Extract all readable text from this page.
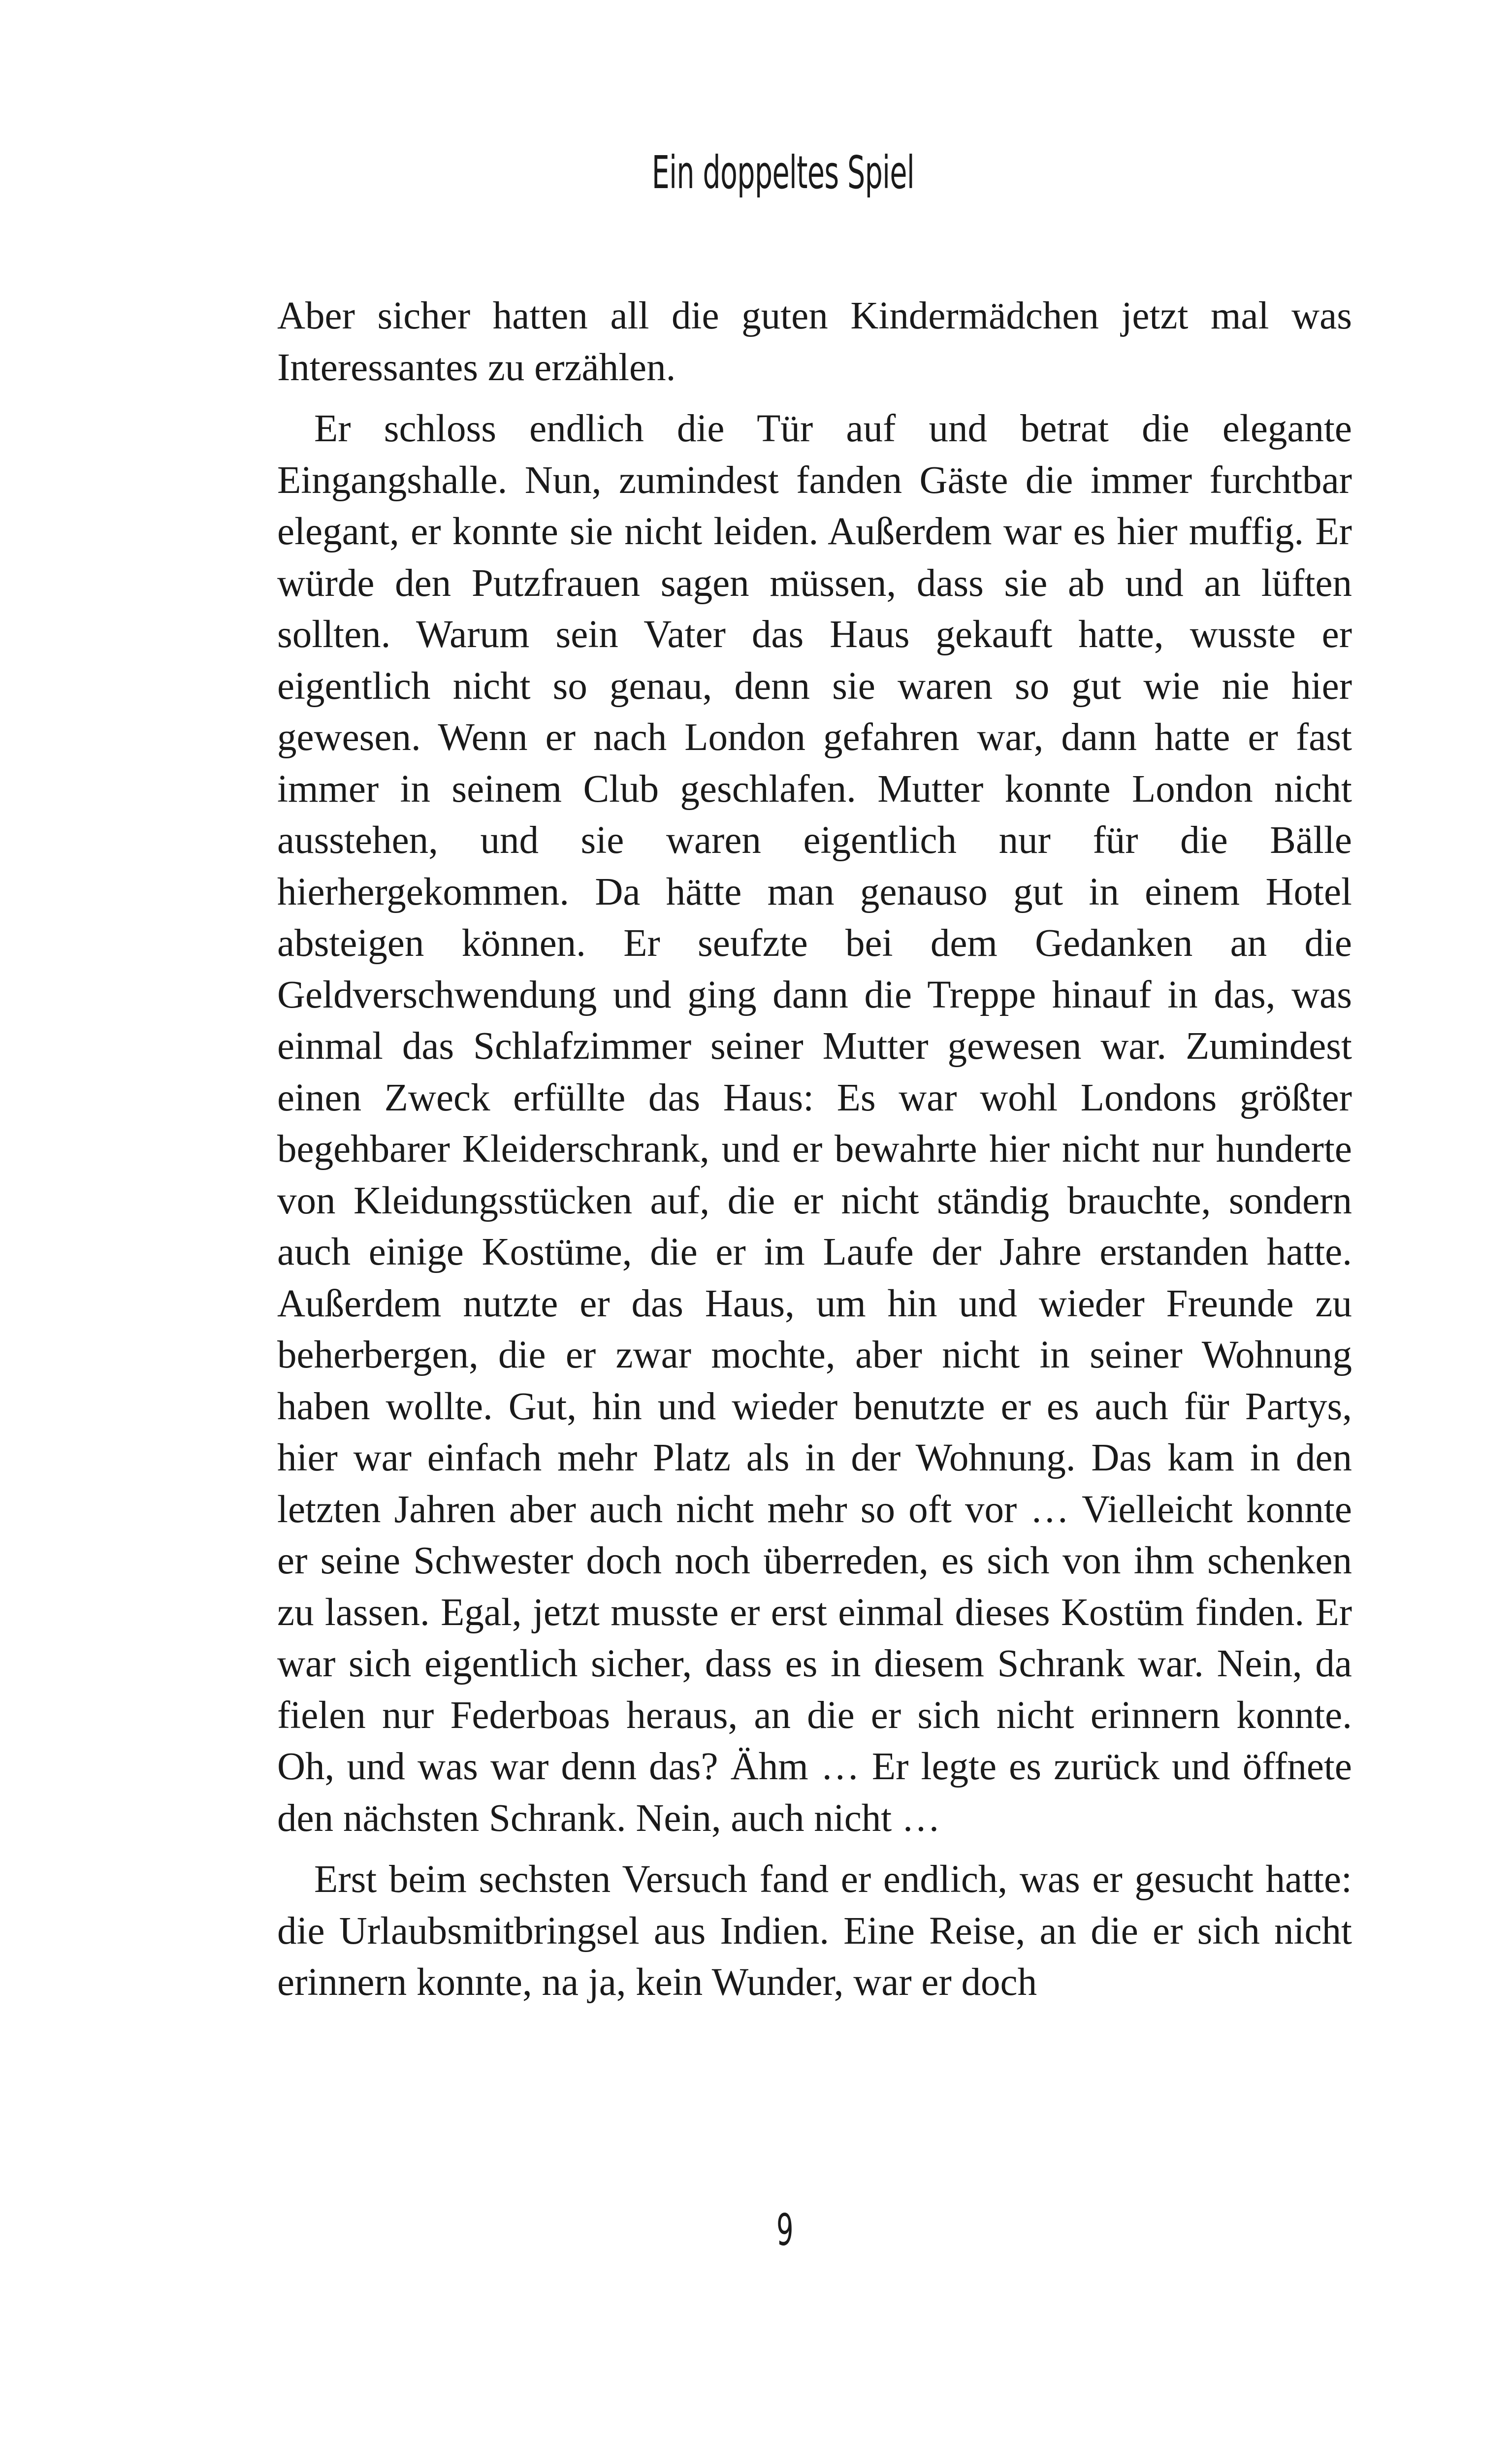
Ein doppeltes Spiel

Aber sicher hatten all die guten Kindermädchen jetzt mal was Interessantes zu erzählen.

Er schloss endlich die Tür auf und betrat die elegante Eingangshalle. Nun, zumindest fanden Gäste die immer furchtbar elegant, er konnte sie nicht leiden. Außerdem war es hier muffig. Er würde den Putzfrauen sagen müssen, dass sie ab und an lüften sollten. Warum sein Vater das Haus gekauft hatte, wusste er eigentlich nicht so genau, denn sie waren so gut wie nie hier gewesen. Wenn er nach London gefahren war, dann hatte er fast immer in seinem Club geschlafen. Mutter konnte London nicht ausstehen, und sie waren eigentlich nur für die Bälle hierhergekommen. Da hätte man genauso gut in einem Hotel absteigen können. Er seufzte bei dem Gedanken an die Geldverschwendung und ging dann die Treppe hinauf in das, was einmal das Schlafzimmer seiner Mutter gewesen war. Zumindest einen Zweck erfüllte das Haus: Es war wohl Londons größter begehbarer Kleiderschrank, und er bewahrte hier nicht nur hunderte von Kleidungsstücken auf, die er nicht ständig brauchte, sondern auch einige Kostüme, die er im Laufe der Jahre erstanden hatte. Außerdem nutzte er das Haus, um hin und wieder Freunde zu beherbergen, die er zwar mochte, aber nicht in seiner Wohnung haben wollte. Gut, hin und wieder benutzte er es auch für Partys, hier war einfach mehr Platz als in der Wohnung. Das kam in den letzten Jahren aber auch nicht mehr so oft vor … Vielleicht konnte er seine Schwester doch noch überreden, es sich von ihm schenken zu lassen. Egal, jetzt musste er erst einmal dieses Kostüm finden. Er war sich eigentlich sicher, dass es in diesem Schrank war. Nein, da fielen nur Federboas heraus, an die er sich nicht erinnern konnte. Oh, und was war denn das? Ähm … Er legte es zurück und öffnete den nächsten Schrank. Nein, auch nicht …

Erst beim sechsten Versuch fand er endlich, was er gesucht hatte: die Urlaubsmitbringsel aus Indien. Eine Reise, an die er sich nicht erinnern konnte, na ja, kein Wunder, war er doch

9
